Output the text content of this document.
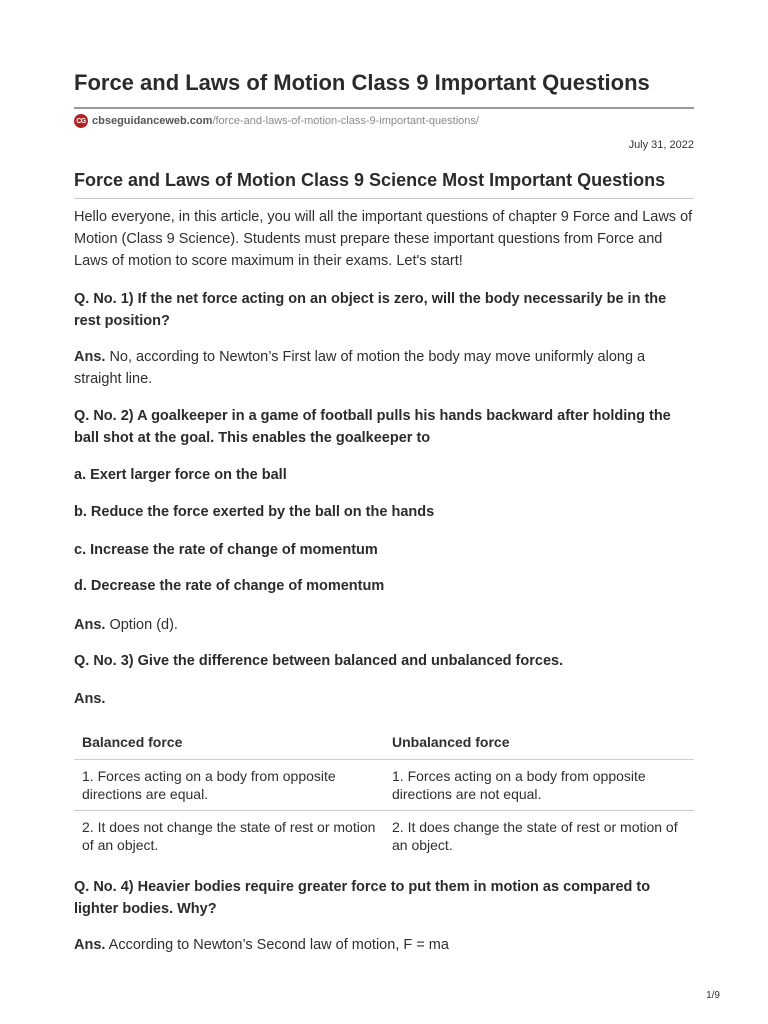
Force and Laws of Motion Class 9 Important Questions
CG cbseguidanceweb.com /force-and-laws-of-motion-class-9-important-questions/
July 31, 2022
Force and Laws of Motion Class 9 Science Most Important Questions

Hello everyone, in this article, you will all the important questions of chapter 9 Force and Laws of Motion (Class 9 Science). Students must prepare these important questions from Force and Laws of motion to score maximum in their exams. Let's start!

Q. No. 1) If the net force acting on an object is zero, will the body necessarily be in the rest position?

Ans. No, according to Newton’s First law of motion the body may move uniformly along a straight line.

Q. No. 2) A goalkeeper in a game of football pulls his hands backward after holding the ball shot at the goal. This enables the goalkeeper to

a. Exert larger force on the ball

b. Reduce the force exerted by the ball on the hands

c. Increase the rate of change of momentum

d. Decrease the rate of change of momentum

Ans. Option (d).

Q. No. 3) Give the difference between balanced and unbalanced forces.

Ans.

Balanced force	Unbalanced force
1. Forces acting on a body from opposite directions are equal.	1. Forces acting on a body from opposite directions are not equal.
2. It does not change the state of rest or motion of an object.	2. It does change the state of rest or motion of an object.

Q. No. 4) Heavier bodies require greater force to put them in motion as compared to lighter bodies. Why?

Ans. According to Newton’s Second law of motion, F = ma

1/9
